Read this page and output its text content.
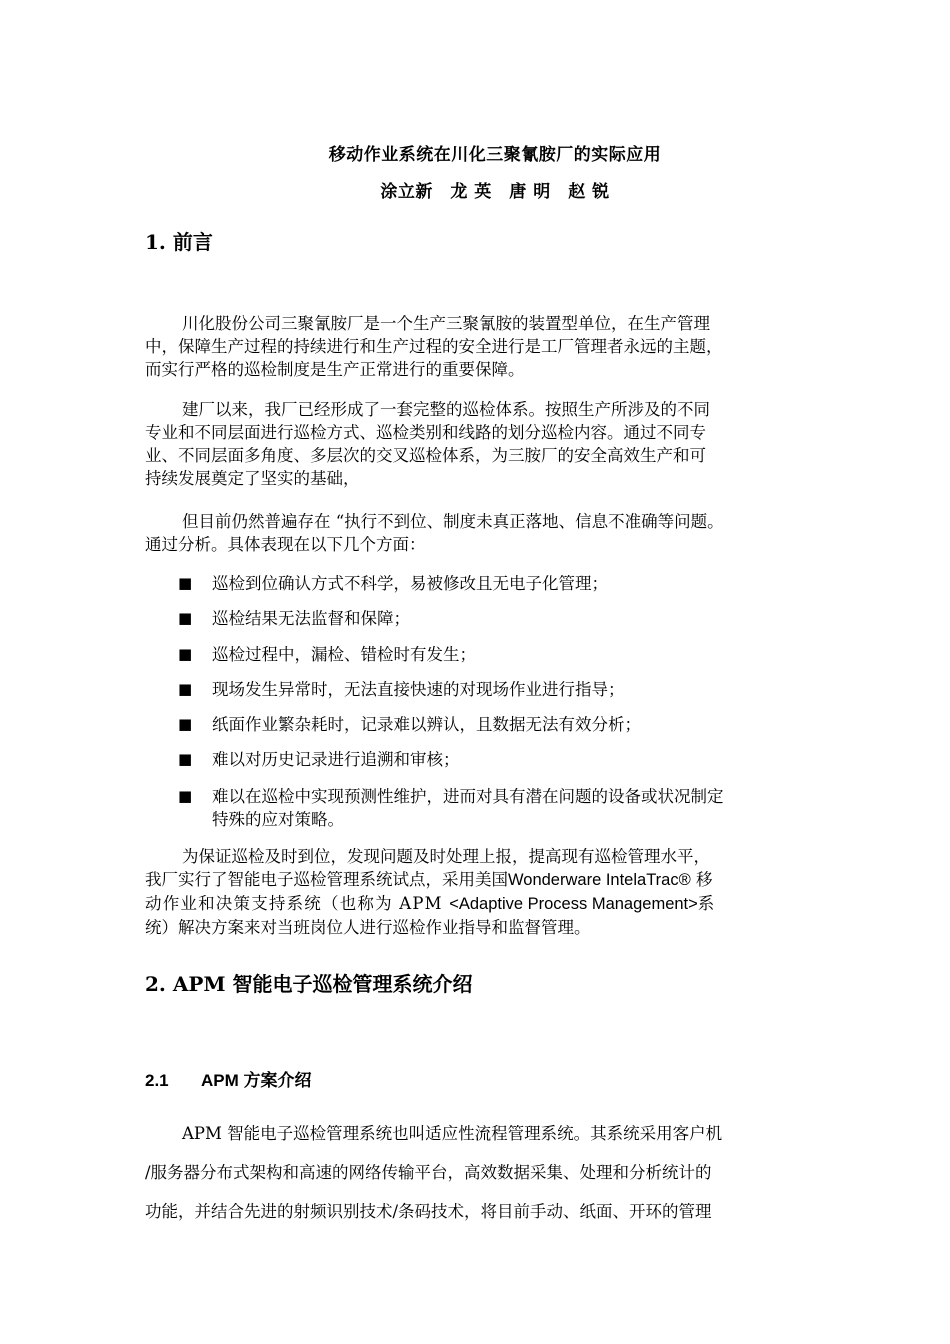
移动作业系统在川化三聚氰胺厂的实际应用
涂立新　龙 英　唐 明　赵 锐
1. 前言
川化股份公司三聚氰胺厂是一个生产三聚氰胺的装置型单位，在生产管理
中，保障生产过程的持续进行和生产过程的安全进行是工厂管理者永远的主题，
而实行严格的巡检制度是生产正常进行的重要保障。
建厂以来，我厂已经形成了一套完整的巡检体系。按照生产所涉及的不同
专业和不同层面进行巡检方式、巡检类别和线路的划分巡检内容。通过不同专
业、不同层面多角度、多层次的交叉巡检体系，为三胺厂的安全高效生产和可
持续发展奠定了坚实的基础，
但目前仍然普遍存在 “执行不到位、制度未真正落地、信息不准确等问题。
通过分析。具体表现在以下几个方面：
■ 巡检到位确认方式不科学，易被修改且无电子化管理；
■ 巡检结果无法监督和保障；
■ 巡检过程中，漏检、错检时有发生；
■ 现场发生异常时，无法直接快速的对现场作业进行指导；
■ 纸面作业繁杂耗时，记录难以辨认，且数据无法有效分析；
■ 难以对历史记录进行追溯和审核；
■ 难以在巡检中实现预测性维护，进而对具有潜在问题的设备或状况制定
特殊的应对策略。
为保证巡检及时到位，发现问题及时处理上报，提高现有巡检管理水平，
我厂实行了智能电子巡检管理系统试点，采用美国Wonderware IntelaTrac® 移
动作业和决策支持系统（也称为 APM <Adaptive Process Management>系
统）解决方案来对当班岗位人进行巡检作业指导和监督管理。
2. APM 智能电子巡检管理系统介绍
2.1 APM 方案介绍
APM 智能电子巡检管理系统也叫适应性流程管理系统。其系统采用客户机
/服务器分布式架构和高速的网络传输平台，高效数据采集、处理和分析统计的
功能，并结合先进的射频识别技术/条码技术，将目前手动、纸面、开环的管理
